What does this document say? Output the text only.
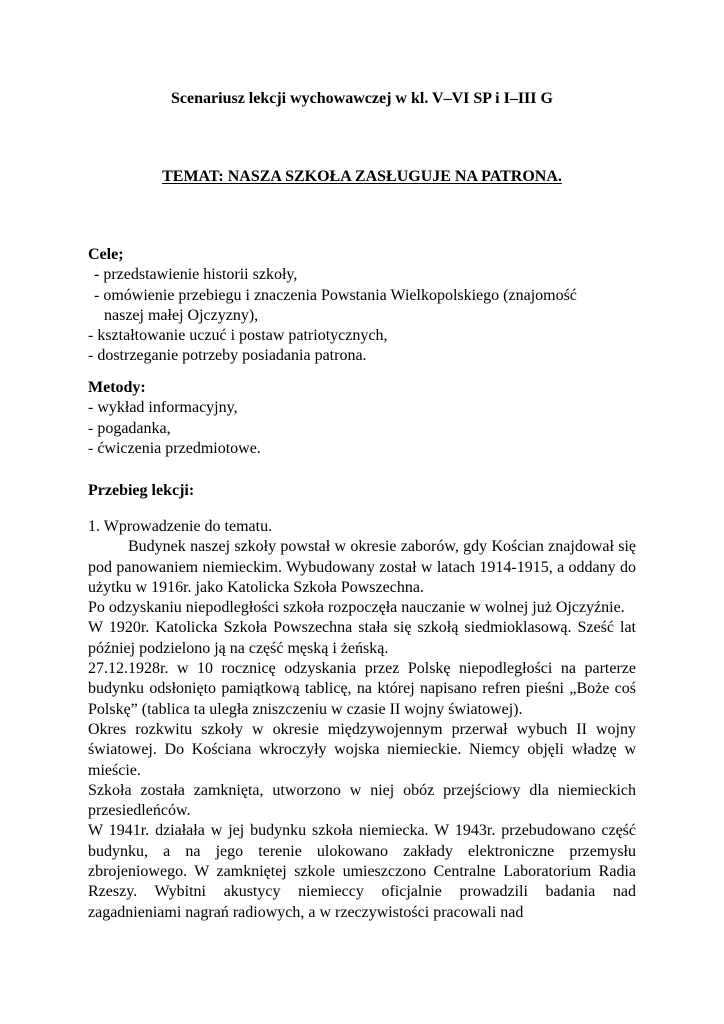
Scenariusz lekcji wychowawczej w kl. V–VI SP i I–III G
TEMAT: NASZA SZKOŁA ZASŁUGUJE NA PATRONA.

Cele;

- przedstawienie historii szkoły,
- omówienie przebiegu i znaczenia Powstania Wielkopolskiego (znajomość
naszej małej Ojczyzny),
- kształtowanie uczuć i postaw patriotycznych,
- dostrzeganie potrzeby posiadania patrona.

Metody:

- wykład informacyjny,
- pogadanka,
- ćwiczenia przedmiotowe.

Przebieg lekcji:

1. Wprowadzenie do tematu.

Budynek naszej szkoły powstał w okresie zaborów, gdy Kościan znajdował się pod panowaniem niemieckim. Wybudowany został w latach 1914-1915, a oddany do użytku w 1916r. jako Katolicka Szkoła Powszechna.

Po odzyskaniu niepodległości szkoła rozpoczęła nauczanie w wolnej już Ojczyźnie.

W 1920r. Katolicka Szkoła Powszechna stała się szkołą siedmioklasową. Sześć lat później podzielono ją na część męską i żeńską.

27.12.1928r. w 10 rocznicę odzyskania przez Polskę niepodległości na parterze budynku odsłonięto pamiątkową tablicę, na której napisano refren pieśni „Boże coś Polskę” (tablica ta uległa zniszczeniu w czasie II wojny światowej).

Okres rozkwitu szkoły w okresie międzywojennym przerwał wybuch II wojny światowej. Do Kościana wkroczyły wojska niemieckie. Niemcy objęli władzę w mieście.

Szkoła została zamknięta, utworzono w niej obóz przejściowy dla niemieckich przesiedleńców.

W 1941r. działała w jej budynku szkoła niemiecka. W 1943r. przebudowano część budynku, a na jego terenie ulokowano zakłady elektroniczne przemysłu zbrojeniowego. W zamkniętej szkole umieszczono Centralne Laboratorium Radia Rzeszy. Wybitni akustycy niemieccy oficjalnie prowadzili badania nad zagadnieniami nagrań radiowych, a w rzeczywistości pracowali nad
